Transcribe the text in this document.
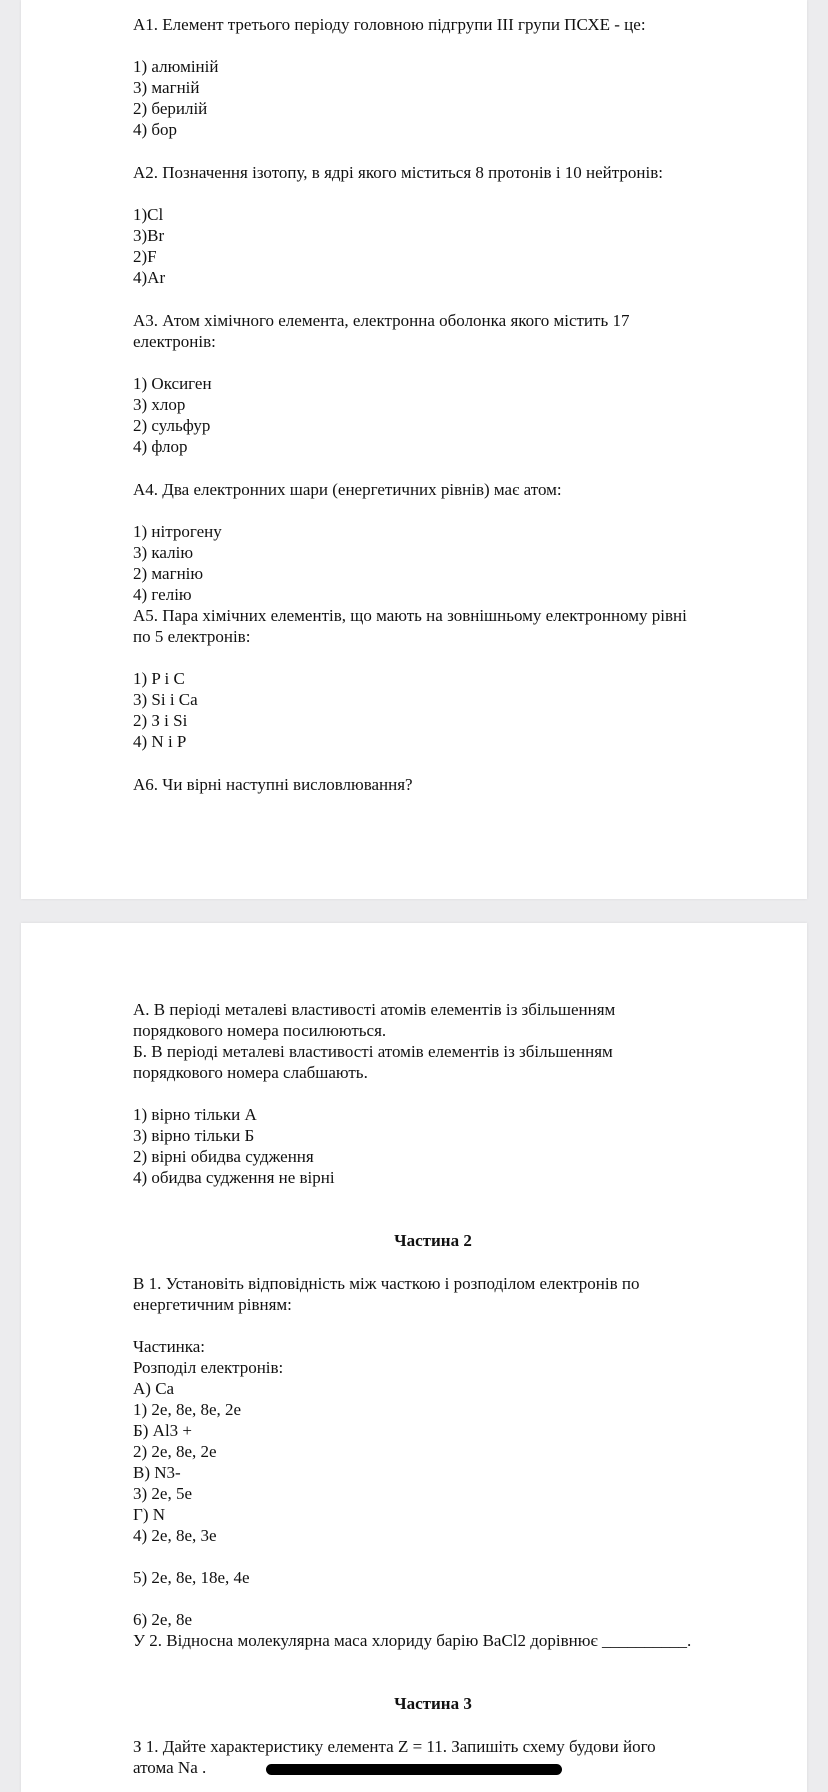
А1. Елемент третього періоду головною підгрупи ІІІ групи ПСХЕ - це:
1) алюміній
3) магній
2) берилій
4) бор
А2. Позначення ізотопу, в ядрі якого міститься 8 протонів і 10 нейтронів:
1)Cl
3)Br
2)F
4)Ar
А3. Атом хімічного елемента, електронна оболонка якого містить 17
електронів:
1) Оксиген
3) хлор
2) сульфур
4) флор
А4. Два електронних шари (енергетичних рівнів) має атом:
1) нітрогену
3) калію
2) магнію
4) гелію
А5. Пара хімічних елементів, що мають на зовнішньому електронному рівні
по 5 електронів:
1) P і C
3) Si і Ca
2) З і Si
4) N і P
А6. Чи вірні наступні висловлювання?
А. В періоді металеві властивості атомів елементів із збільшенням
порядкового номера посилюються.
Б. В періоді металеві властивості атомів елементів із збільшенням
порядкового номера слабшають.
1) вірно тільки А
3) вірно тільки Б
2) вірні обидва судження
4) обидва судження не вірні
Частина 2
В 1. Установіть відповідність між часткою і розподілом електронів по
енергетичним рівням:
Частинка:
Розподіл електронів:
А) Ca
1) 2е, 8е, 8е, 2е
Б) Al3 +
2) 2е, 8е, 2е
В) N3-
3) 2е, 5е
Г) N
4) 2е, 8е, 3е
5) 2е, 8е, 18е, 4е
6) 2е, 8е
У 2. Відносна молекулярна маса хлориду барію BaCl2 дорівнює __________.
Частина 3
З 1. Дайте характеристику елемента Z = 11. Запишіть схему будови його
атома Na .
